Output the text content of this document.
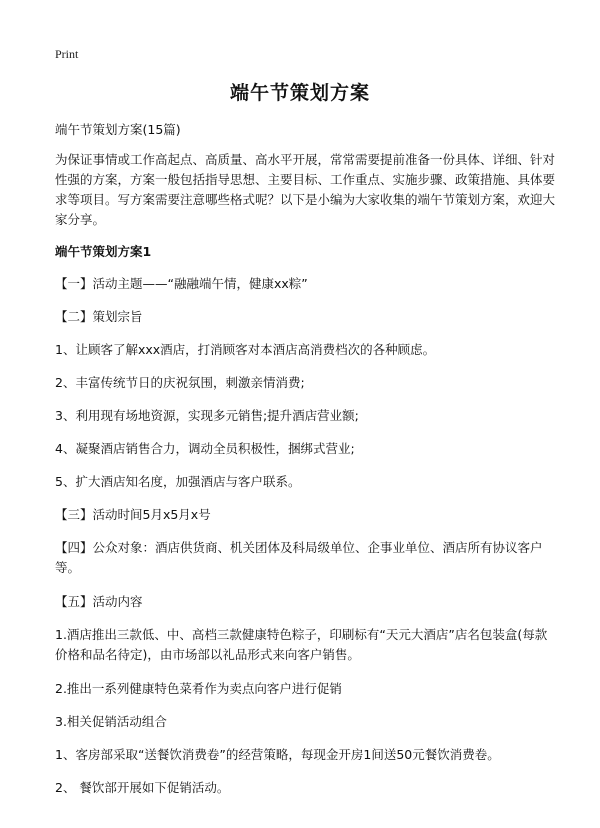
Print
端午节策划方案

端午节策划方案(15篇)

为保证事情或工作高起点、高质量、高水平开展，常常需要提前准备一份具体、详细、针对性强的方案，方案一般包括指导思想、主要目标、工作重点、实施步骤、政策措施、具体要求等项目。写方案需要注意哪些格式呢？以下是小编为大家收集的端午节策划方案，欢迎大家分享。

端午节策划方案1

【一】活动主题——“融融端午情，健康xx粽”

【二】策划宗旨

1、让顾客了解xxx酒店，打消顾客对本酒店高消费档次的各种顾虑。

2、丰富传统节日的庆祝氛围，刺激亲情消费;

3、利用现有场地资源，实现多元销售;提升酒店营业额;

4、凝聚酒店销售合力，调动全员积极性，捆绑式营业;

5、扩大酒店知名度，加强酒店与客户联系。

【三】活动时间5月x5月x号

【四】公众对象：酒店供货商、机关团体及科局级单位、企事业单位、酒店所有协议客户等。

【五】活动内容

1.酒店推出三款低、中、高档三款健康特色粽子，印刷标有“天元大酒店”店名包装盒(每款价格和品名待定)，由市场部以礼品形式来向客户销售。

2.推出一系列健康特色菜肴作为卖点向客户进行促销

3.相关促销活动组合

1、客房部采取“送餐饮消费卷”的经营策略，每现金开房1间送50元餐饮消费卷。

2、 餐饮部开展如下促销活动。
